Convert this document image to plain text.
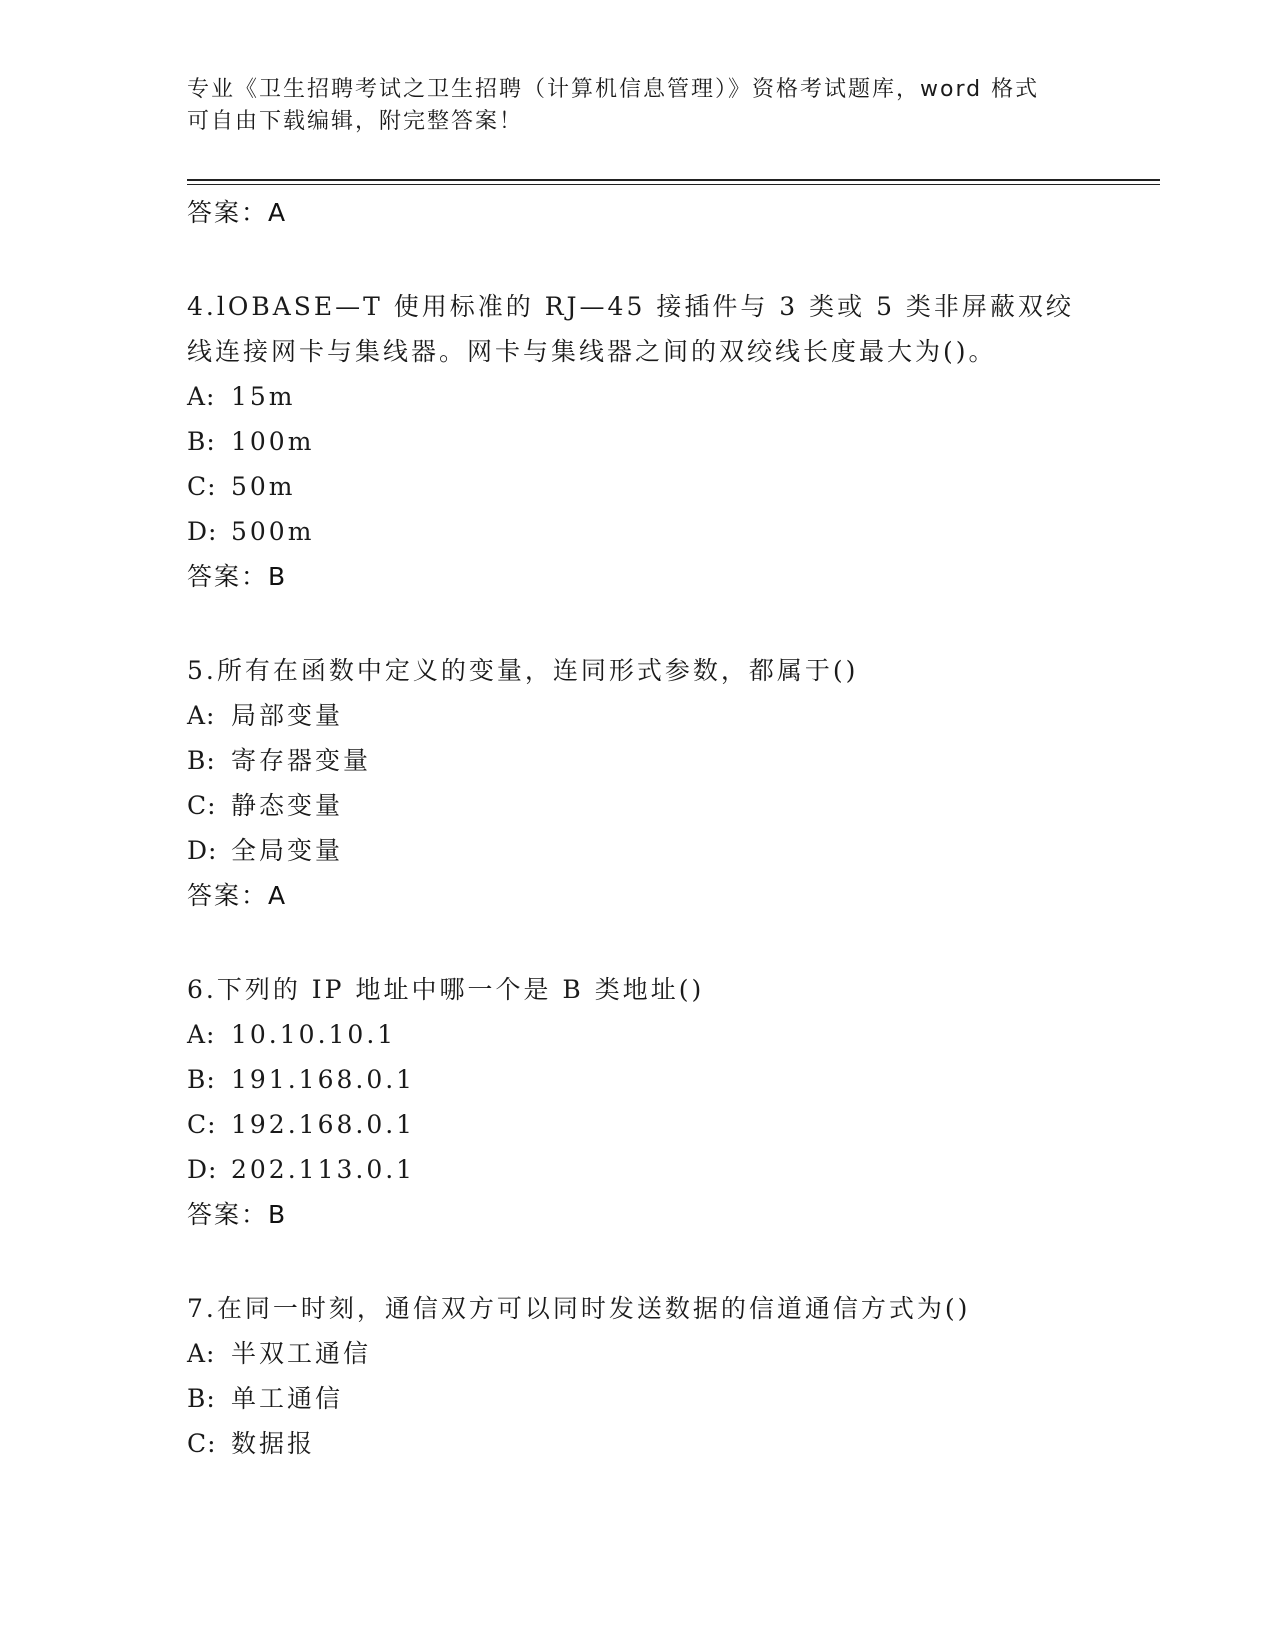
专业《卫生招聘考试之卫生招聘（计算机信息管理）》资格考试题库，word 格式
可自由下载编辑，附完整答案！
答案：A

4.lOBASE—T 使用标准的 RJ—45 接插件与 3 类或 5 类非屏蔽双绞线连接网卡与集线器。网卡与集线器之间的双绞线长度最大为()。

A: 15m
B: 100m
C: 50m
D: 500m
答案：B

5.所有在函数中定义的变量，连同形式参数，都属于()

A: 局部变量
B: 寄存器变量
C: 静态变量
D: 全局变量
答案：A

6.下列的 IP 地址中哪一个是 B 类地址()

A: 10.10.10.1
B: 191.168.0.1
C: 192.168.0.1
D: 202.113.0.1
答案：B

7.在同一时刻，通信双方可以同时发送数据的信道通信方式为()

A: 半双工通信
B: 单工通信
C: 数据报
